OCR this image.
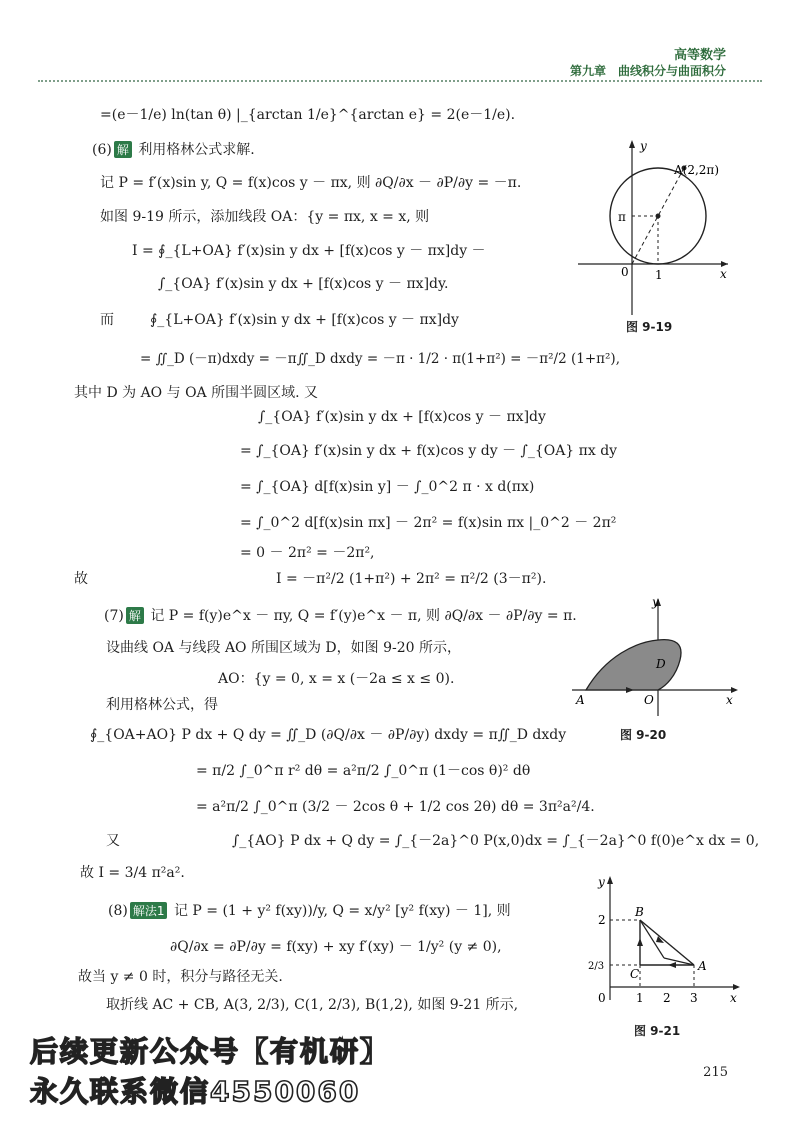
高等数学
第九章　曲线积分与曲面积分
=(e－1/e) ln(tan θ) |_{arctan 1/e}^{arctan e} = 2(e－1/e).
(6) 解 利用格林公式求解.
记 P = f′(x)sin y, Q = f(x)cos y － πx, 则 ∂Q/∂x － ∂P/∂y = －π.
如图 9-19 所示，添加线段 OA：{y = πx, x = x, 则
I = ∮_{L+OA} f′(x)sin y dx + [f(x)cos y － πx]dy －
∫_{OA} f′(x)sin y dx + [f(x)cos y － πx]dy.
而	∮_{L+OA} f′(x)sin y dx + [f(x)cos y － πx]dy
= ∬_D (－π)dxdy = －π∬_D dxdy = －π · 1/2 · π(1+π²) = －π²/2 (1+π²),
其中 D 为 AO 与 OA 所围半圆区域. 又
∫_{OA} f′(x)sin y dx + [f(x)cos y － πx]dy
= ∫_{OA} f′(x)sin y dx + f(x)cos y dy － ∫_{OA} πx dy
= ∫_{OA} d[f(x)sin y] － ∫_0^2 π · x d(πx)
= ∫_0^2 d[f(x)sin πx] － 2π² = f(x)sin πx |_0^2 － 2π²
= 0 － 2π² = －2π²,
故	I = －π²/2 (1+π²) + 2π² = π²/2 (3－π²).
(7) 解 记 P = f(y)e^x － πy, Q = f′(y)e^x － π, 则 ∂Q/∂x － ∂P/∂y = π.
设曲线 OA 与线段 AO 所围区域为 D，如图 9-20 所示，
AO：{y = 0, x = x (－2a ≤ x ≤ 0).
利用格林公式，得
∮_{OA+AO} P dx + Q dy = ∬_D (∂Q/∂x － ∂P/∂y) dxdy = π∬_D dxdy
= π/2 ∫_0^π r² dθ = a²π/2 ∫_0^π (1－cos θ)² dθ
= a²π/2 ∫_0^π (3/2 － 2cos θ + 1/2 cos 2θ) dθ = 3π²a²/4.
又	∫_{AO} P dx + Q dy = ∫_{－2a}^0 P(x,0)dx = ∫_{－2a}^0 f(0)e^x dx = 0,
故 I = 3/4 π²a².
(8) 解法1 记 P = (1 + y² f(xy))/y, Q = x/y² [y² f(xy) － 1], 则
∂Q/∂x = ∂P/∂y = f(xy) + xy f′(xy) － 1/y² (y ≠ 0),
故当 y ≠ 0 时，积分与路径无关.
取折线 AC + CB, A(3, 2/3), C(1, 2/3), B(1,2), 如图 9-21 所示,
y
x
0 1
π
A(2,2π)
图 9-19
y
x
A	O
D
图 9-20
y
x
0	1 2 3
2
2/3
B
C
A
图 9-21
后续更新公众号【有机研】
永久联系微信4550060
215
